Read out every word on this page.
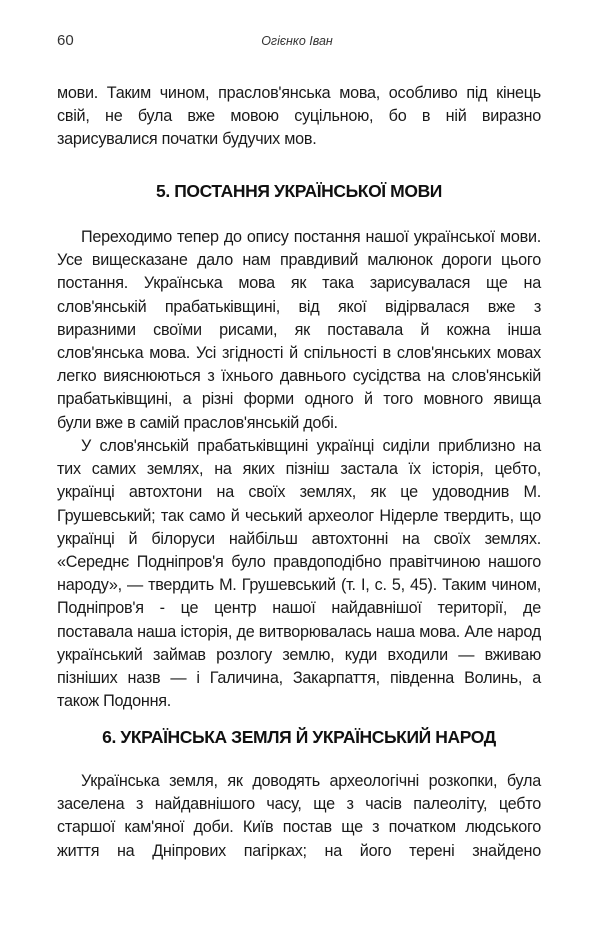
60	Огієнко Іван
мови. Таким чином, праслов'янська мова, особливо під кінець
свій, не була вже мовою суцільною, бо в ній виразно
зарисувалися початки будучих мов.
5. ПОСТАННЯ УКРАЇНСЬКОЇ МОВИ
Переходимо тепер до опису постання нашої української мови.
Усе вищесказане дало нам правдивий малюнок дороги цього
постання. Українська мова як така зарисувалася ще на
слов'янській прабатьківщині, від якої відірвалася вже з
виразними своїми рисами, як поставала й кожна інша
слов'янська мова. Усі згідності й спільності в слов'янських мовах
легко вияснюються з їхнього давнього сусідства на слов'янській
прабатьківщині, а різні форми одного й того мовного явища
були вже в самій праслов'янській добі.
У слов'янській прабатьківщині українці сиділи приблизно на
тих самих землях, на яких пізніш застала їх історія, цебто,
українці автохтони на своїх землях, як це удоводнив М.
Грушевський; так само й чеський археолог Нідерле твердить, що
українці й білоруси найбільш автохтонні на своїх землях.
«Середнє Подніпров'я було правдоподібно правітчиною нашого
народу», — твердить М. Грушевський (т. І, с. 5, 45). Таким чином,
Подніпров'я - це центр нашої найдавнішої території, де
поставала наша історія, де витворювалась наша мова. Але народ
український займав розлогу землю, куди входили — вживаю
пізніших назв — і Галичина, Закарпаття, південна Волинь, а
також Подоння.
6. УКРАЇНСЬКА ЗЕМЛЯ Й УКРАЇНСЬКИЙ НАРОД
Українська земля, як доводять археологічні розкопки, була
заселена з найдавнішого часу, ще з часів палеоліту, цебто
старшої кам'яної доби. Київ постав ще з початком людського
життя на Дніпрових пагірках; на його терені знайдено
